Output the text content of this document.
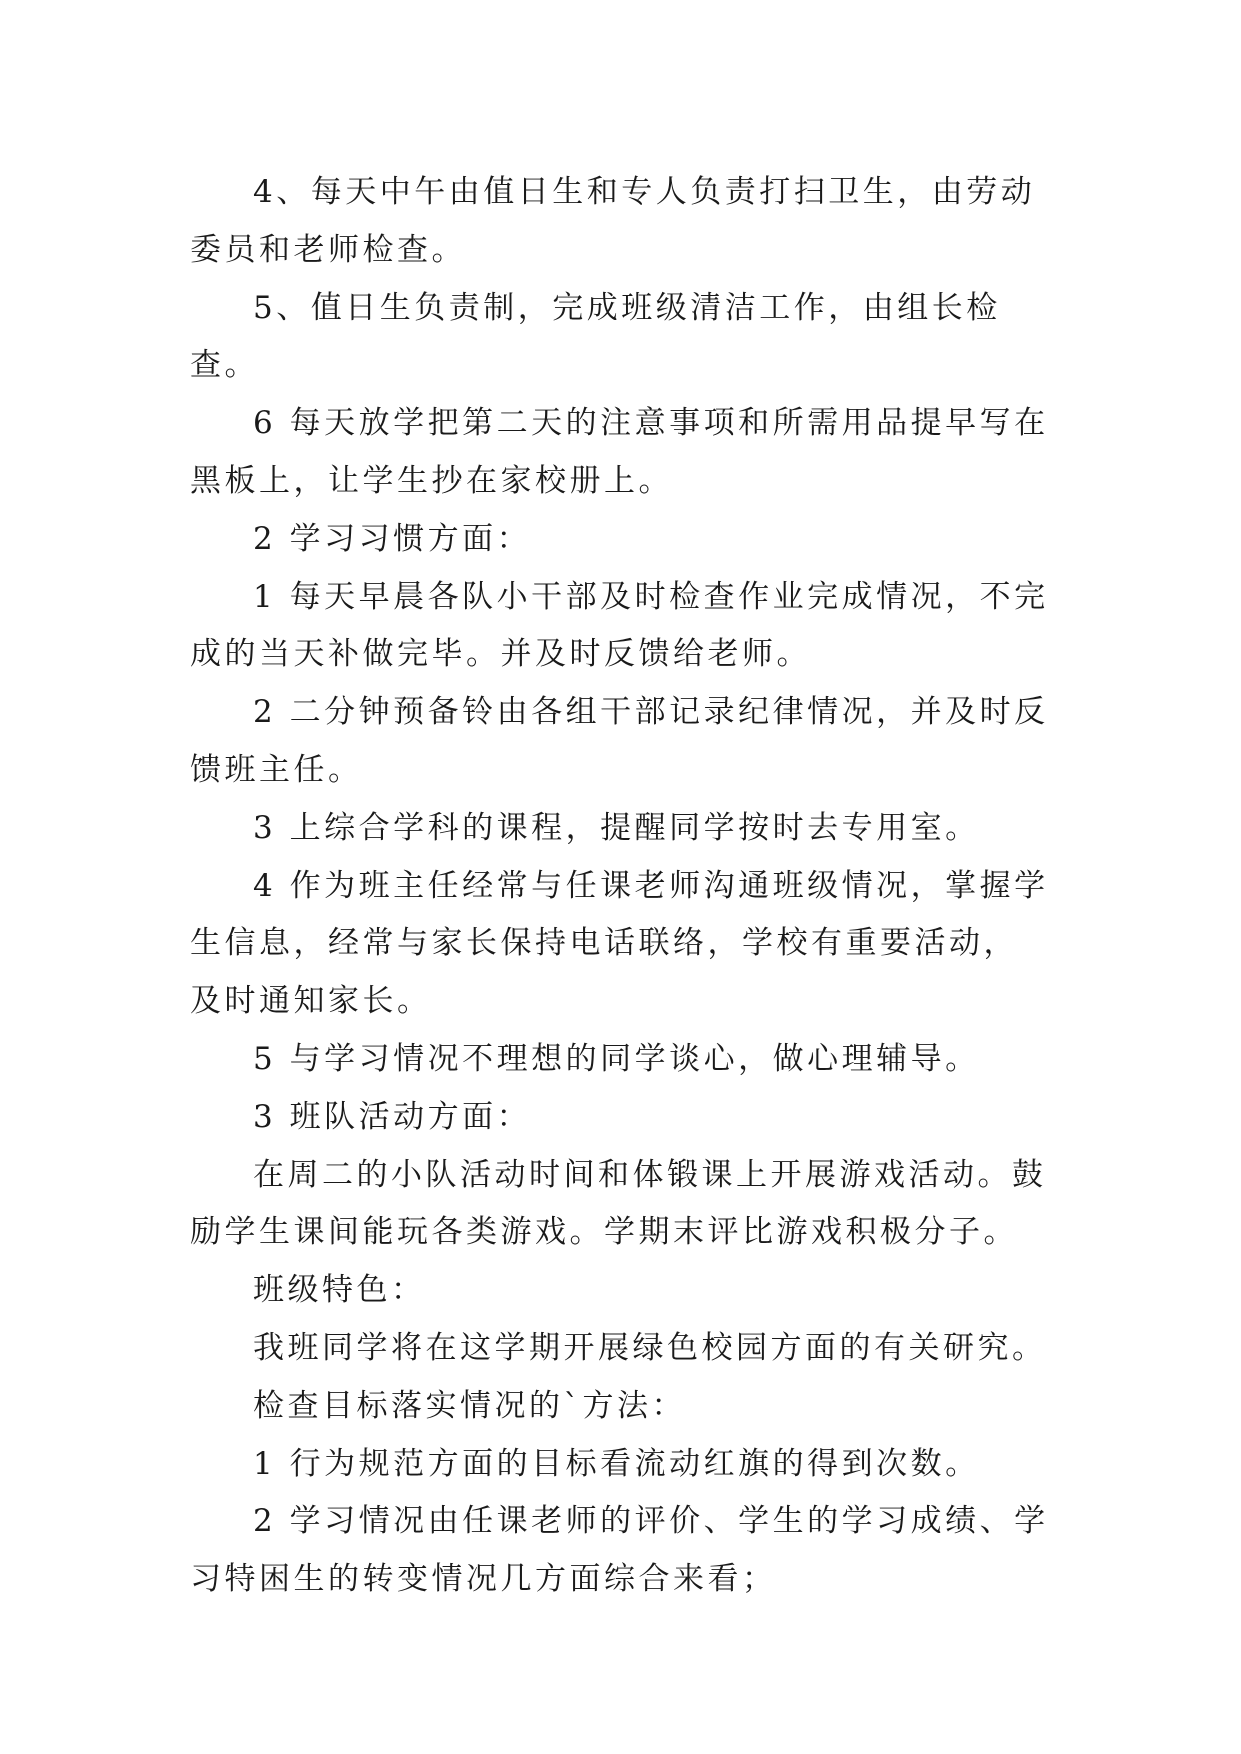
4、每天中午由值日生和专人负责打扫卫生，由劳动委员和老师检查。

5、值日生负责制，完成班级清洁工作，由组长检查。

6 每天放学把第二天的注意事项和所需用品提早写在黑板上，让学生抄在家校册上。

2 学习习惯方面：

1 每天早晨各队小干部及时检查作业完成情况，不完成的当天补做完毕。并及时反馈给老师。

2 二分钟预备铃由各组干部记录纪律情况，并及时反馈班主任。

3 上综合学科的课程，提醒同学按时去专用室。

4 作为班主任经常与任课老师沟通班级情况，掌握学生信息，经常与家长保持电话联络，学校有重要活动，及时通知家长。

5 与学习情况不理想的同学谈心，做心理辅导。

3 班队活动方面：

在周二的小队活动时间和体锻课上开展游戏活动。鼓励学生课间能玩各类游戏。学期末评比游戏积极分子。

班级特色：

我班同学将在这学期开展绿色校园方面的有关研究。

检查目标落实情况的`方法：

1 行为规范方面的目标看流动红旗的得到次数。

2 学习情况由任课老师的评价、学生的学习成绩、学习特困生的转变情况几方面综合来看；
